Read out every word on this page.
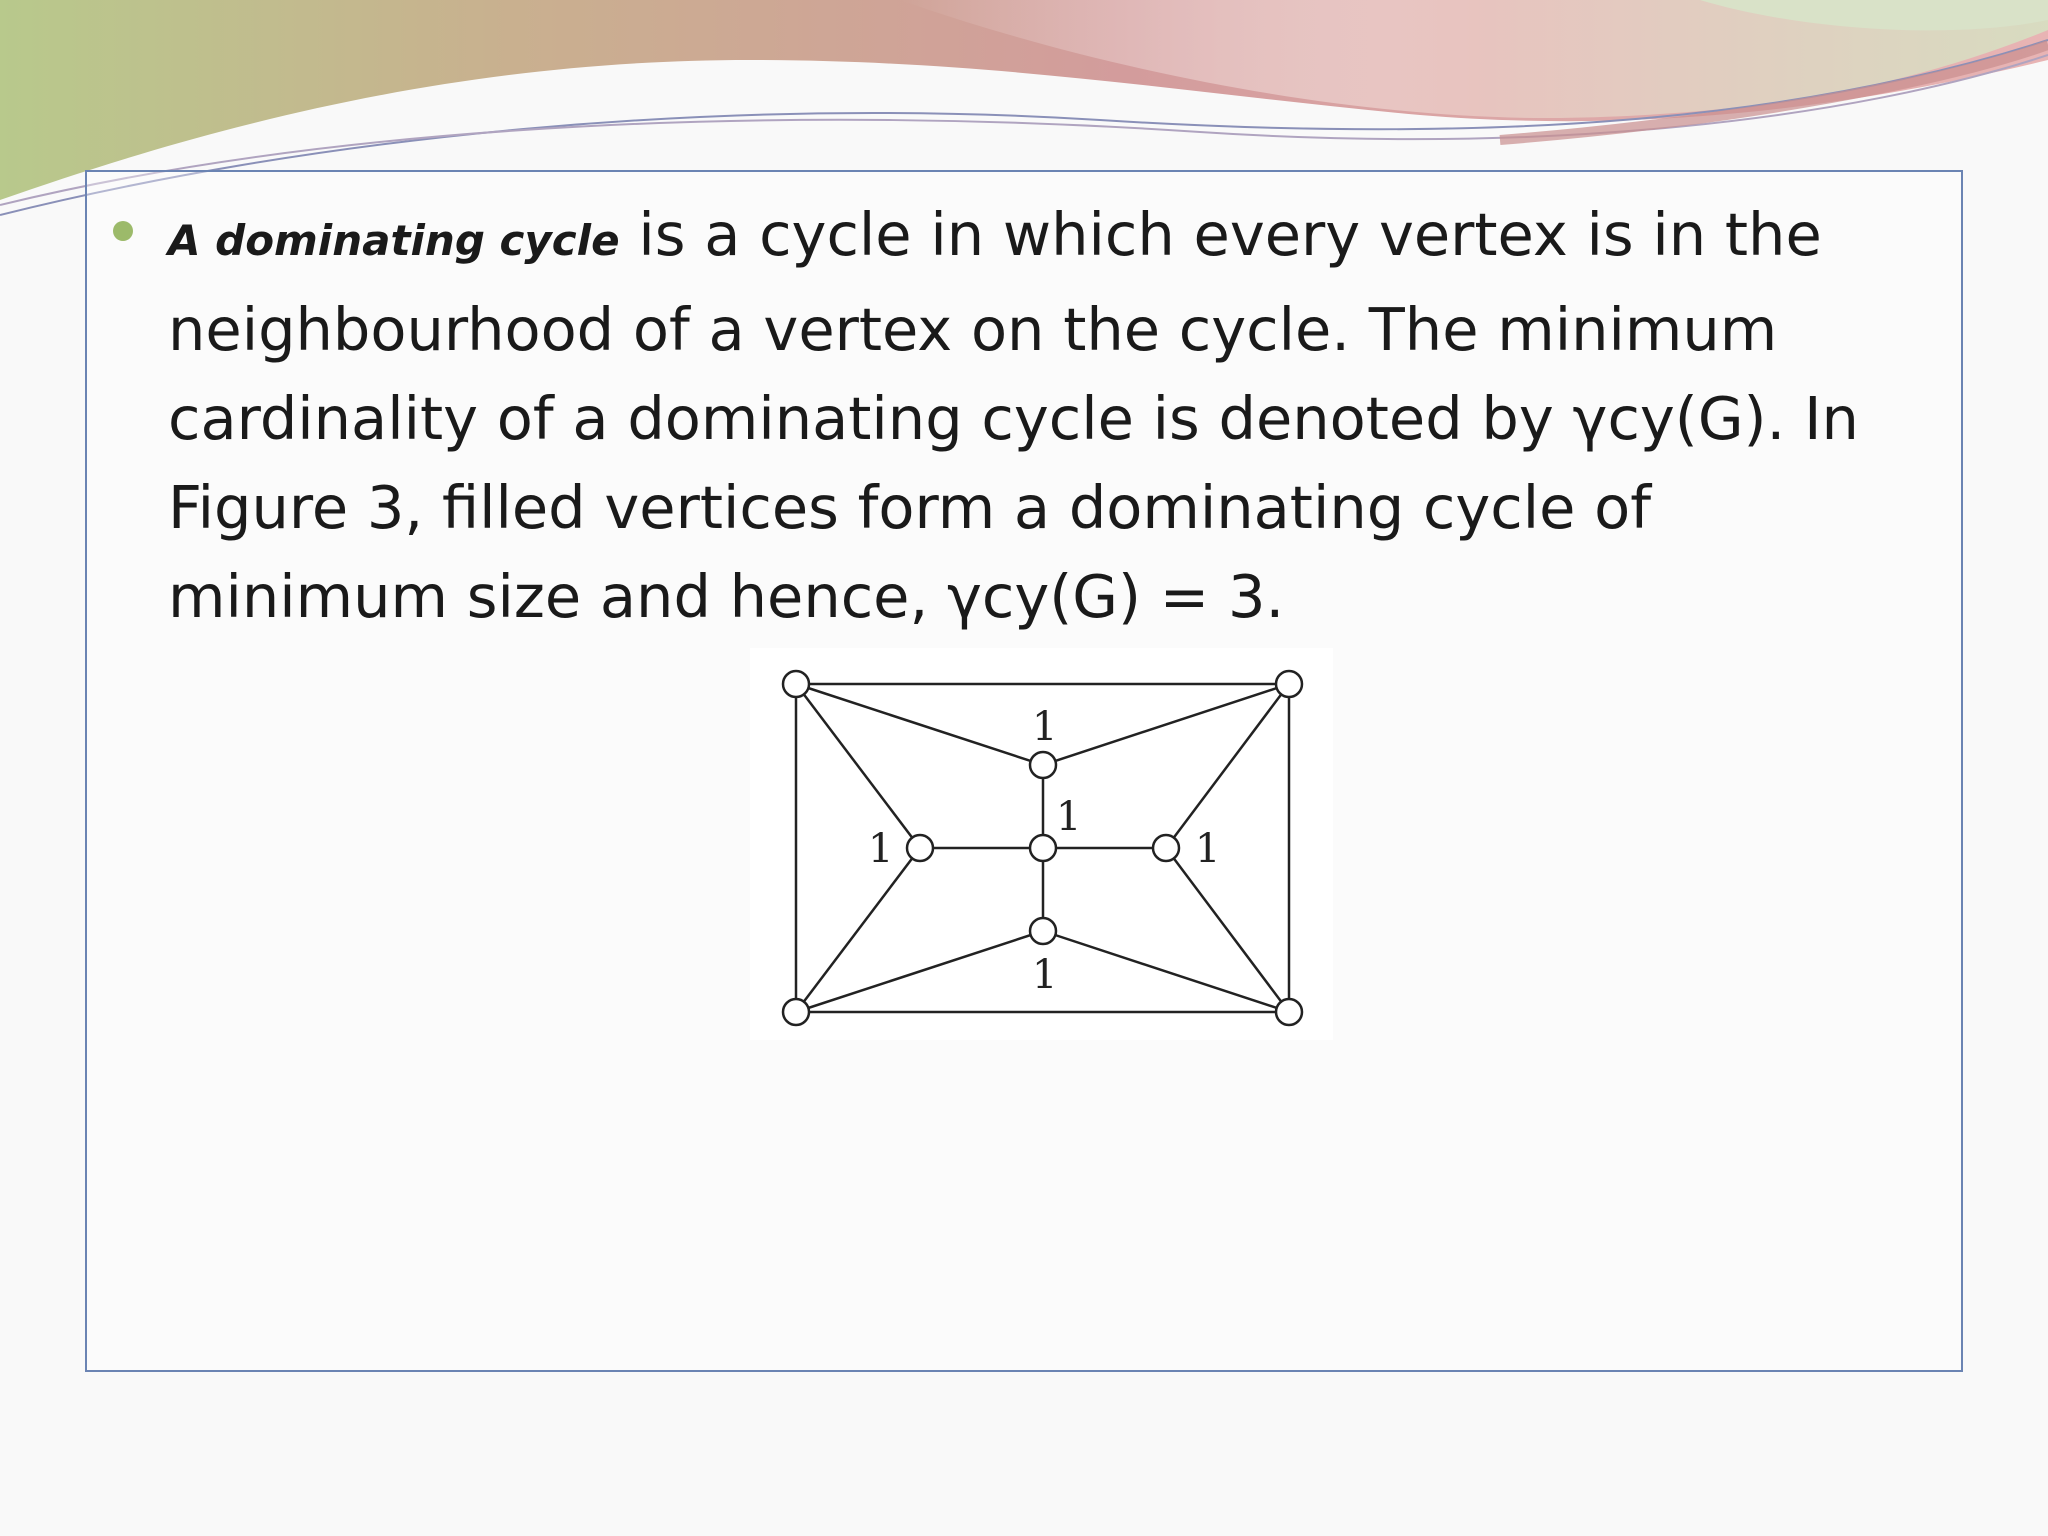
A dominating cycle is a cycle in which every vertex is in the neighbourhood of a vertex on the cycle. The minimum cardinality of a dominating cycle is denoted by γcy(G). In Figure 3, filled vertices form a dominating cycle of minimum size and hence, γcy(G) = 3.

1
1
1	1
1
